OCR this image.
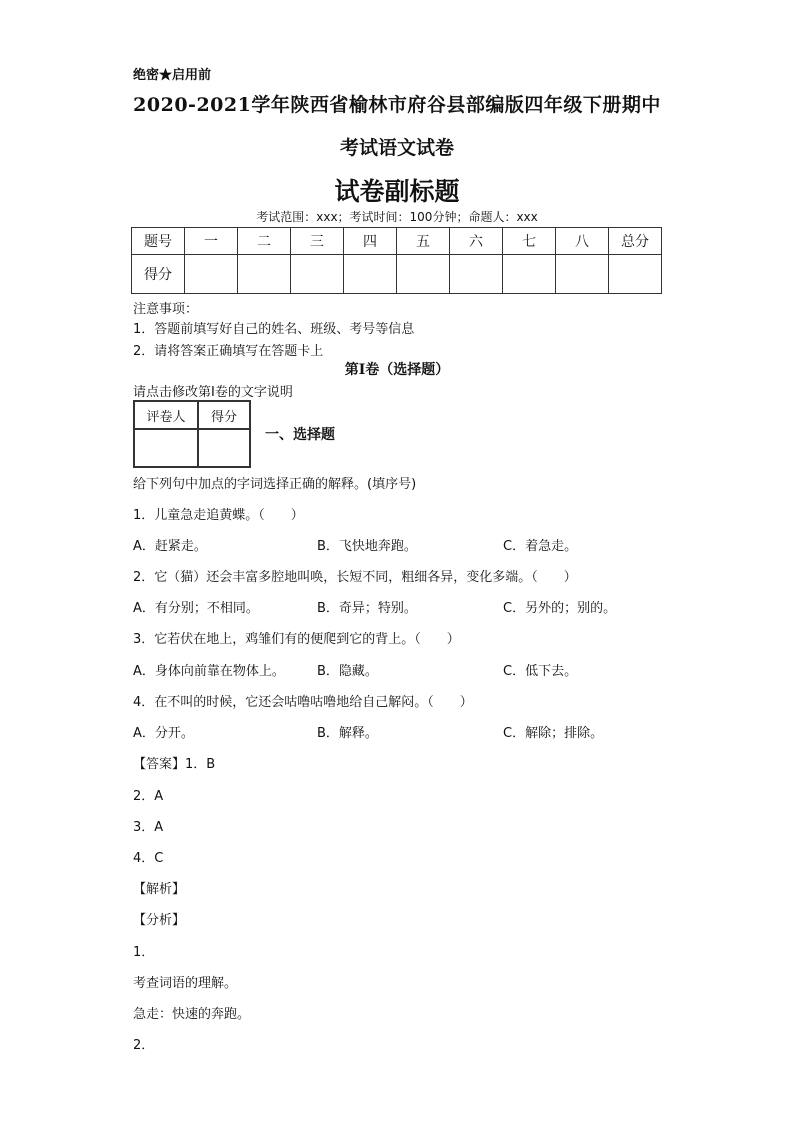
绝密★启用前
2020-2021学年陕西省榆林市府谷县部编版四年级下册期中
考试语文试卷
试卷副标题
考试范围：xxx；考试时间：100分钟；命题人：xxx
题号	一	二	三	四	五	六	七	八	总分
得分									
注意事项：
1．答题前填写好自己的姓名、班级、考号等信息
2．请将答案正确填写在答题卡上
第I卷（选择题）
请点击修改第I卷的文字说明
评卷人	得分

一、选择题
给下列句中加点的字词选择正确的解释。(填序号)
1．儿童急走追黄蝶。（　　）
A．赶紧走。	B．飞快地奔跑。	C．着急走。
2．它（猫）还会丰富多腔地叫唤，长短不同，粗细各异，变化多端。（　　）
A．有分别；不相同。	B．奇异；特别。	C．另外的；别的。
3．它若伏在地上，鸡雏们有的便爬到它的背上。（　　）
A．身体向前靠在物体上。 B．隐藏。	C．低下去。
4．在不叫的时候，它还会咕噜咕噜地给自己解闷。（　　）
A．分开。	B．解释。	C．解除；排除。
【答案】1．B
2．A
3．A
4．C
【解析】
【分析】
1．
考查词语的理解。
急走：快速的奔跑。
2．
